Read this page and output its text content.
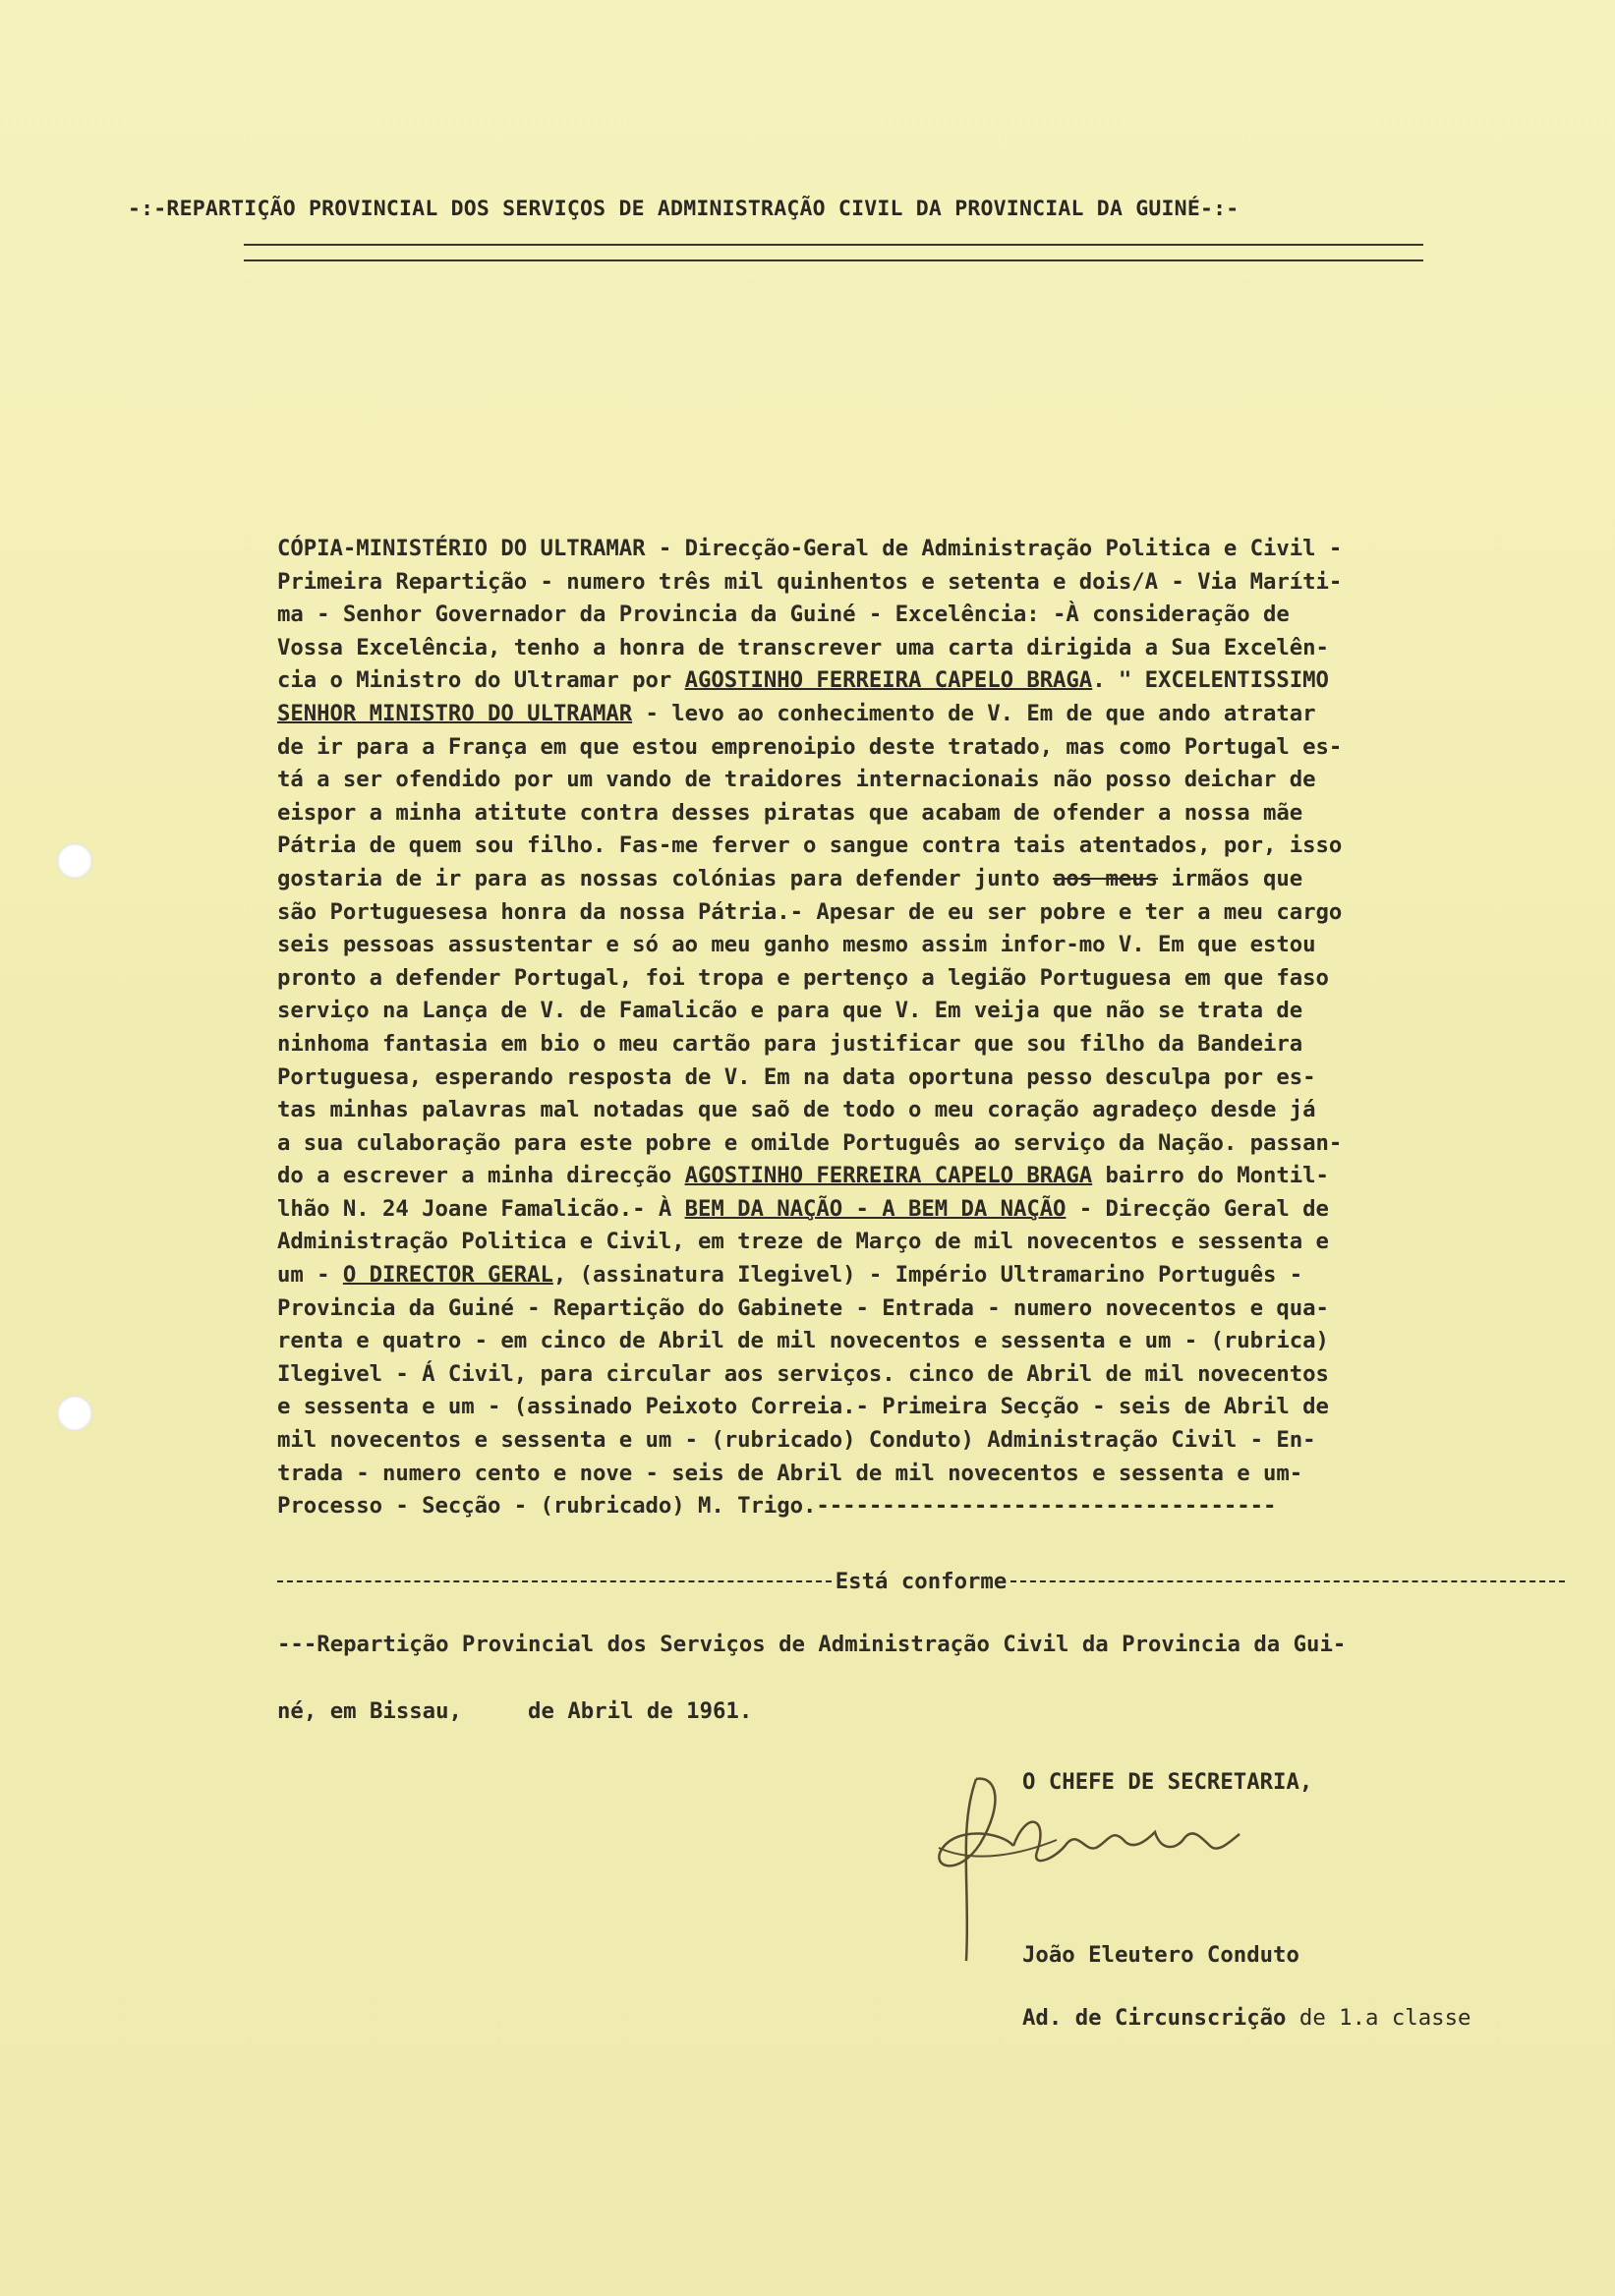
-:-REPARTIÇÃO PROVINCIAL DOS SERVIÇOS DE ADMINISTRAÇÃO CIVIL DA PROVINCIAL DA GUINÉ-:-
CÓPIA-MINISTÉRIO DO ULTRAMAR - Direcção-Geral de Administração Politica e Civil -
Primeira Repartição - numero três mil quinhentos e setenta e dois/A - Via Maríti-
ma - Senhor Governador da Provincia da Guiné - Excelência: -À consideração de
Vossa Excelência, tenho a honra de transcrever uma carta dirigida a Sua Excelên-
cia o Ministro do Ultramar por AGOSTINHO FERREIRA CAPELO BRAGA. " EXCELENTISSIMO
SENHOR MINISTRO DO ULTRAMAR - levo ao conhecimento de V. Em de que ando atratar
de ir para a França em que estou emprenoipio deste tratado, mas como Portugal es-
tá a ser ofendido por um vando de traidores internacionais não posso deichar de
eispor a minha atitute contra desses piratas que acabam de ofender a nossa mãe
Pátria de quem sou filho. Fas-me ferver o sangue contra tais atentados, por, isso
gostaria de ir para as nossas colónias para defender junto aos meus irmãos que
são Portuguesesa honra da nossa Pátria.- Apesar de eu ser pobre e ter a meu cargo
seis pessoas assustentar e só ao meu ganho mesmo assim infor-mo V. Em que estou
pronto a defender Portugal, foi tropa e pertenço a legião Portuguesa em que faso
serviço na Lança de V. de Famalicão e para que V. Em veija que não se trata de
ninhoma fantasia em bio o meu cartão para justificar que sou filho da Bandeira
Portuguesa, esperando resposta de V. Em na data oportuna pesso desculpa por es-
tas minhas palavras mal notadas que saõ de todo o meu coração agradeço desde já
a sua culaboração para este pobre e omilde Português ao serviço da Nação. passan-
do a escrever a minha direcção AGOSTINHO FERREIRA CAPELO BRAGA bairro do Montil-
lhão N. 24 Joane Famalicão.- À BEM DA NAÇÃO - A BEM DA NAÇÃO - Direcção Geral de
Administração Politica e Civil, em treze de Março de mil novecentos e sessenta e
um - O DIRECTOR GERAL, (assinatura Ilegivel) - Império Ultramarino Português -
Provincia da Guiné - Repartição do Gabinete - Entrada - numero novecentos e qua-
renta e quatro - em cinco de Abril de mil novecentos e sessenta e um - (rubrica)
Ilegivel - Á Civil, para circular aos serviços. cinco de Abril de mil novecentos
e sessenta e um - (assinado Peixoto Correia.- Primeira Secção - seis de Abril de
mil novecentos e sessenta e um - (rubricado) Conduto) Administração Civil - En-
trada - numero cento e nove - seis de Abril de mil novecentos e sessenta e um-
Processo - Secção - (rubricado) M. Trigo.-----------------------------------
Está conforme
---Repartição Provincial dos Serviços de Administração Civil da Provincia da Gui-
né, em Bissau,     de Abril de 1961.
O CHEFE DE SECRETARIA,
João Eleutero Conduto
Ad. de Circunscrição de 1.a classe
